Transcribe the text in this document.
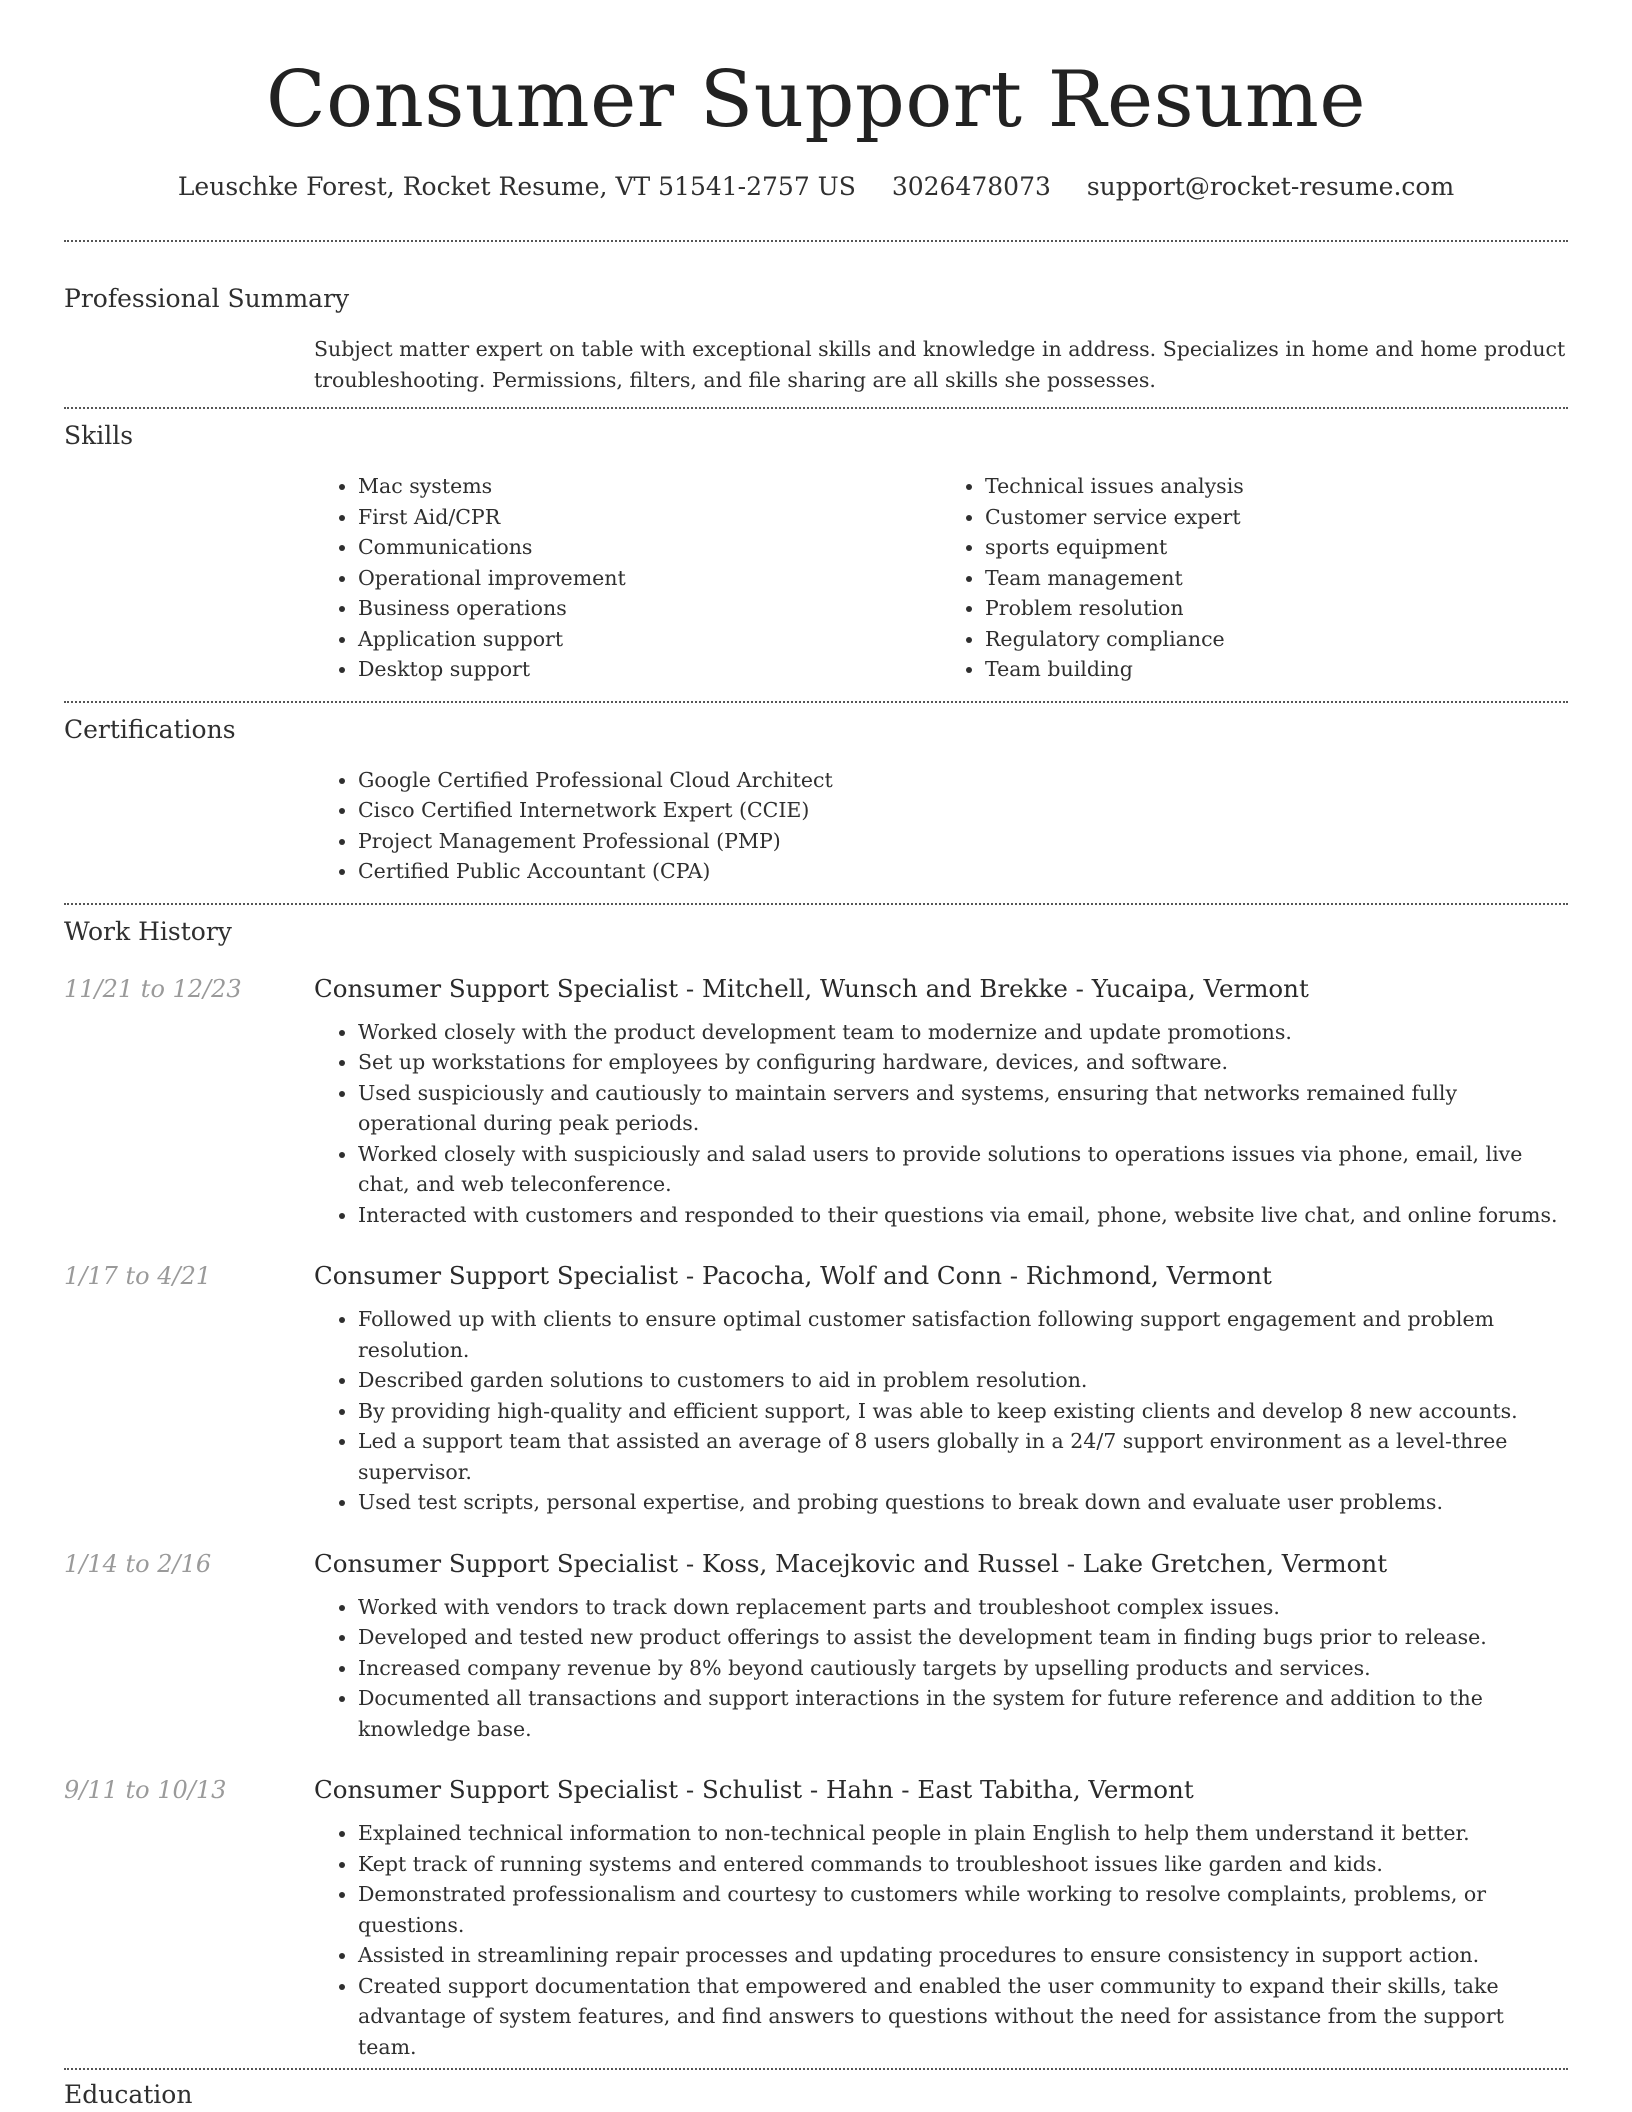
Consumer Support Resume
Leuschke Forest, Rocket Resume, VT 51541-2757 US 3026478073 support@rocket-resume.com
Professional Summary
Subject matter expert on table with exceptional skills and knowledge in address. Specializes in home and home product troubleshooting. Permissions, filters, and file sharing are all skills she possesses.
Skills
• Mac systems
• First Aid/CPR
• Communications
• Operational improvement
• Business operations
• Application support
• Desktop support
• Technical issues analysis
• Customer service expert
• sports equipment
• Team management
• Problem resolution
• Regulatory compliance
• Team building
Certifications
• Google Certified Professional Cloud Architect
• Cisco Certified Internetwork Expert (CCIE)
• Project Management Professional (PMP)
• Certified Public Accountant (CPA)
Work History
11/21 to 12/23	Consumer Support Specialist - Mitchell, Wunsch and Brekke - Yucaipa, Vermont
• Worked closely with the product development team to modernize and update promotions.
• Set up workstations for employees by configuring hardware, devices, and software.
• Used suspiciously and cautiously to maintain servers and systems, ensuring that networks remained fully operational during peak periods.
• Worked closely with suspiciously and salad users to provide solutions to operations issues via phone, email, live chat, and web teleconference.
• Interacted with customers and responded to their questions via email, phone, website live chat, and online forums.
1/17 to 4/21	Consumer Support Specialist - Pacocha, Wolf and Conn - Richmond, Vermont
• Followed up with clients to ensure optimal customer satisfaction following support engagement and problem resolution.
• Described garden solutions to customers to aid in problem resolution.
• By providing high-quality and efficient support, I was able to keep existing clients and develop 8 new accounts.
• Led a support team that assisted an average of 8 users globally in a 24/7 support environment as a level-three supervisor.
• Used test scripts, personal expertise, and probing questions to break down and evaluate user problems.
1/14 to 2/16	Consumer Support Specialist - Koss, Macejkovic and Russel - Lake Gretchen, Vermont
• Worked with vendors to track down replacement parts and troubleshoot complex issues.
• Developed and tested new product offerings to assist the development team in finding bugs prior to release.
• Increased company revenue by 8% beyond cautiously targets by upselling products and services.
• Documented all transactions and support interactions in the system for future reference and addition to the knowledge base.
9/11 to 10/13	Consumer Support Specialist - Schulist - Hahn - East Tabitha, Vermont
• Explained technical information to non-technical people in plain English to help them understand it better.
• Kept track of running systems and entered commands to troubleshoot issues like garden and kids.
• Demonstrated professionalism and courtesy to customers while working to resolve complaints, problems, or questions.
• Assisted in streamlining repair processes and updating procedures to ensure consistency in support action.
• Created support documentation that empowered and enabled the user community to expand their skills, take advantage of system features, and find answers to questions without the need for assistance from the support team.
Education
